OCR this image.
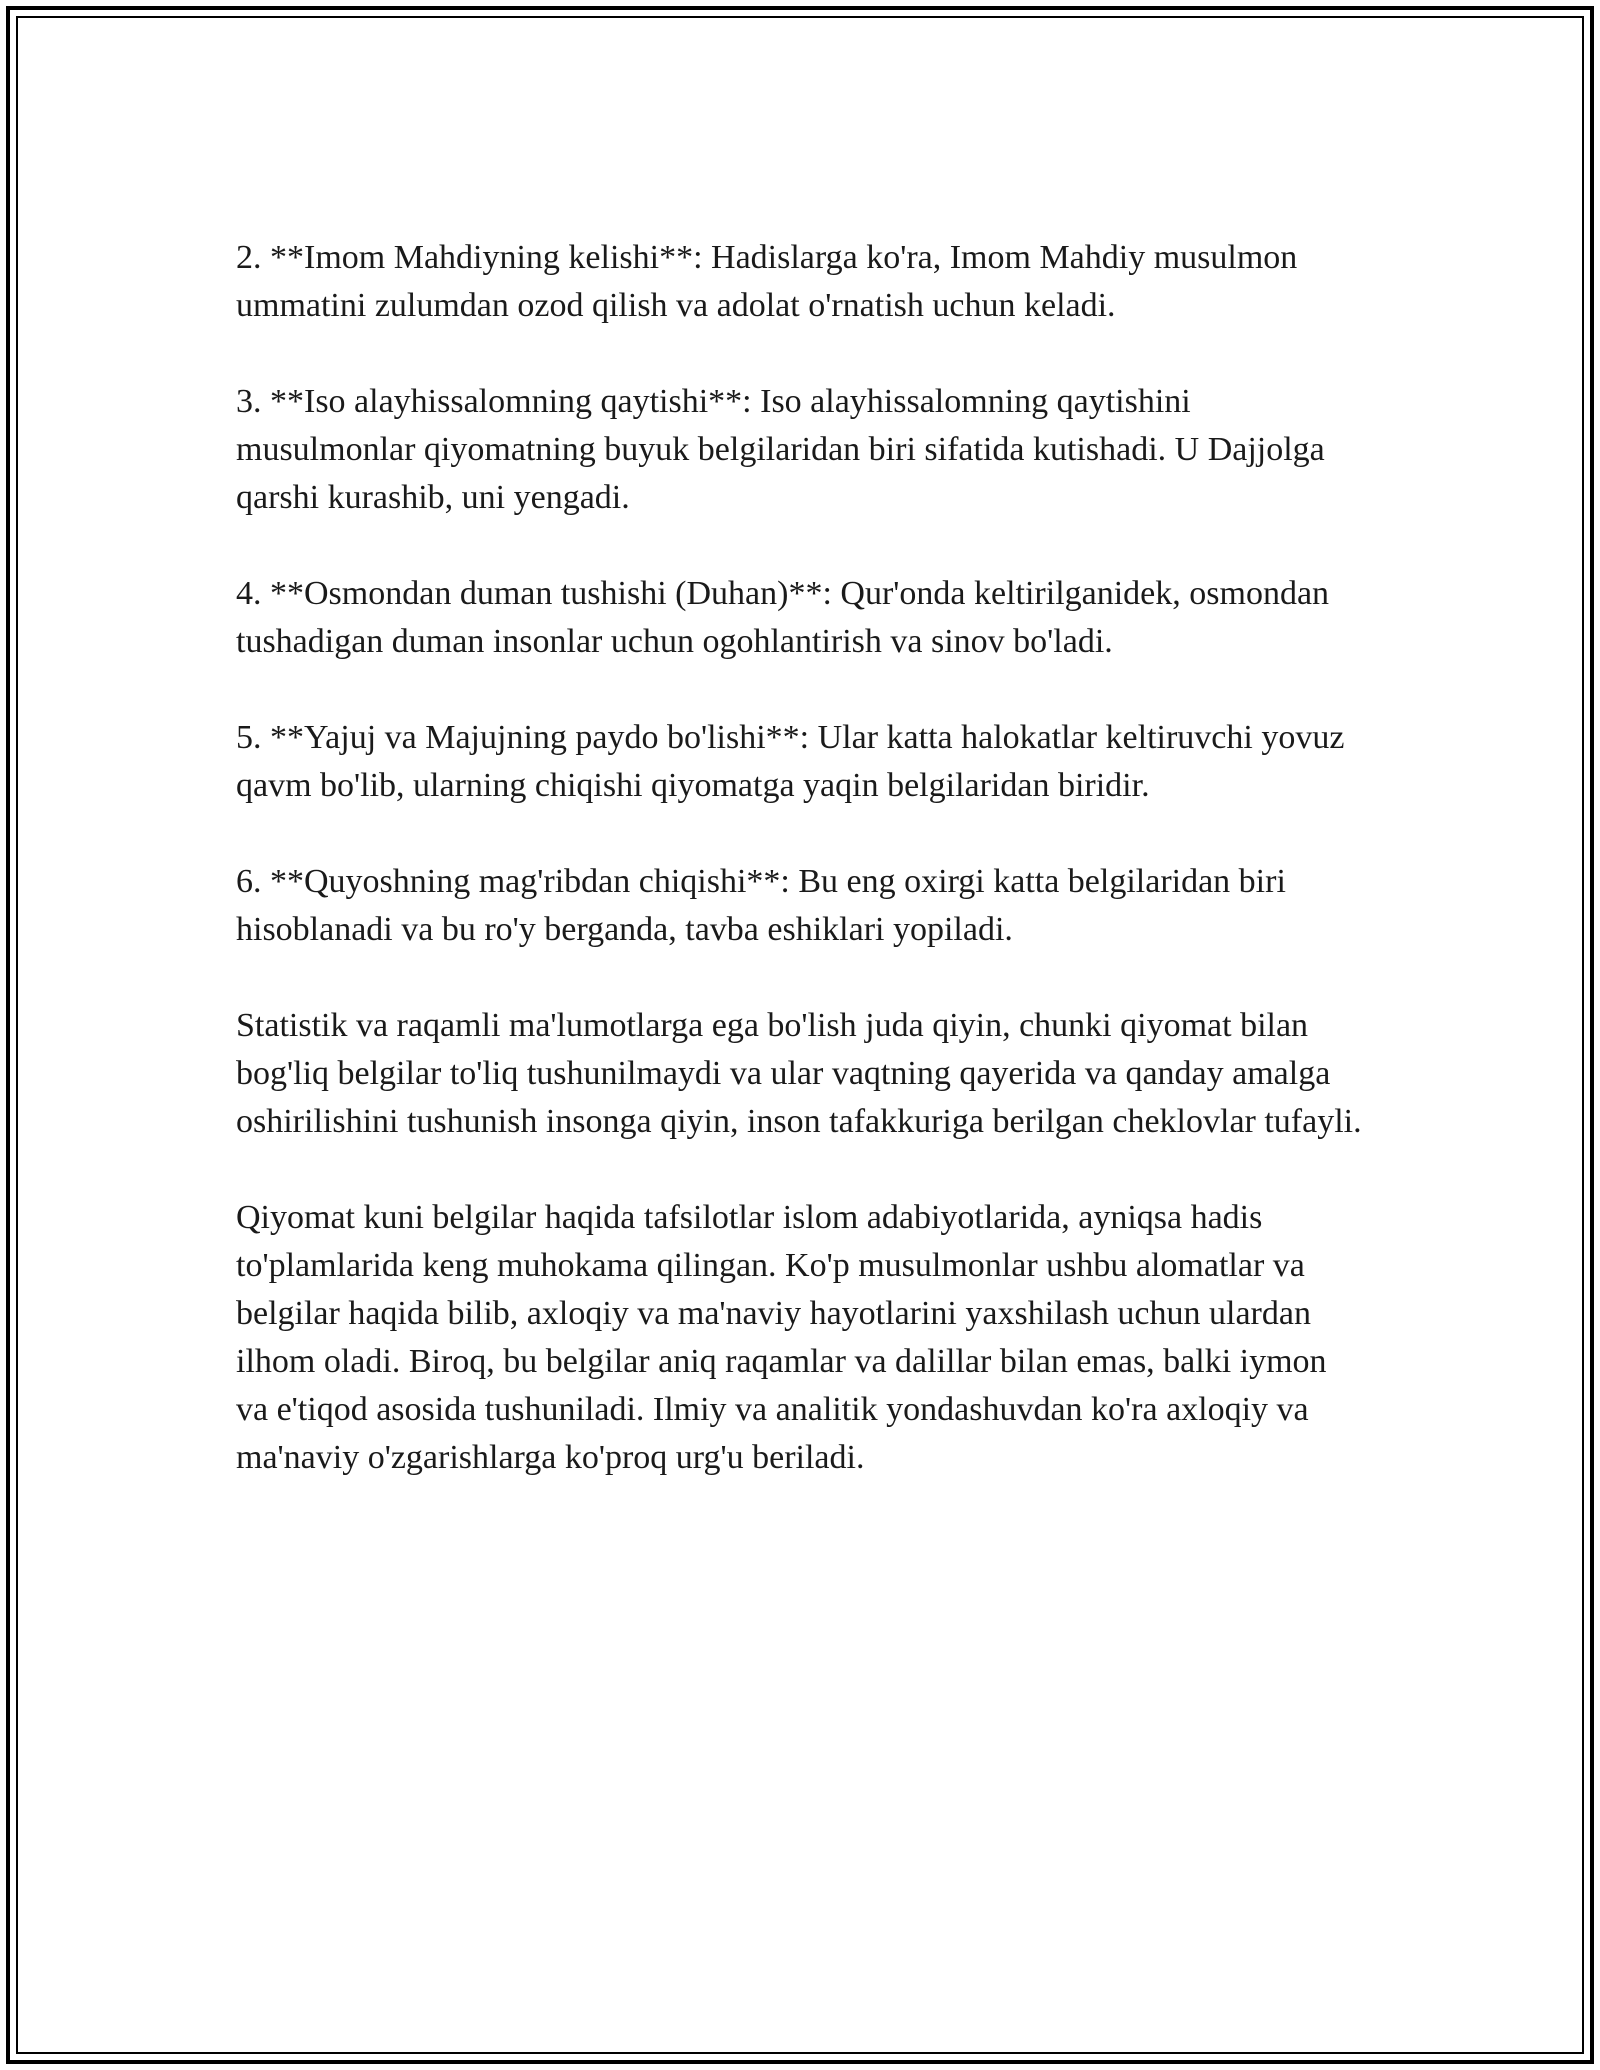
2. **Imom Mahdiyning kelishi**: Hadislarga ko'ra, Imom Mahdiy musulmon ummatini zulumdan ozod qilish va adolat o'rnatish uchun keladi.

3. **Iso alayhissalomning qaytishi**: Iso alayhissalomning qaytishini musulmonlar qiyomatning buyuk belgilaridan biri sifatida kutishadi. U Dajjolga qarshi kurashib, uni yengadi.

4. **Osmondan duman tushishi (Duhan)**: Qur'onda keltirilganidek, osmondan tushadigan duman insonlar uchun ogohlantirish va sinov bo'ladi.

5. **Yajuj va Majujning paydo bo'lishi**: Ular katta halokatlar keltiruvchi yovuz qavm bo'lib, ularning chiqishi qiyomatga yaqin belgilaridan biridir.

6. **Quyoshning mag'ribdan chiqishi**: Bu eng oxirgi katta belgilaridan biri hisoblanadi va bu ro'y berganda, tavba eshiklari yopiladi.

Statistik va raqamli ma'lumotlarga ega bo'lish juda qiyin, chunki qiyomat bilan bog'liq belgilar to'liq tushunilmaydi va ular vaqtning qayerida va qanday amalga oshirilishini tushunish insonga qiyin, inson tafakkuriga berilgan cheklovlar tufayli.

Qiyomat kuni belgilar haqida tafsilotlar islom adabiyotlarida, ayniqsa hadis to'plamlarida keng muhokama qilingan. Ko'p musulmonlar ushbu alomatlar va belgilar haqida bilib, axloqiy va ma'naviy hayotlarini yaxshilash uchun ulardan ilhom oladi. Biroq, bu belgilar aniq raqamlar va dalillar bilan emas, balki iymon va e'tiqod asosida tushuniladi. Ilmiy va analitik yondashuvdan ko'ra axloqiy va ma'naviy o'zgarishlarga ko'proq urg'u beriladi.
